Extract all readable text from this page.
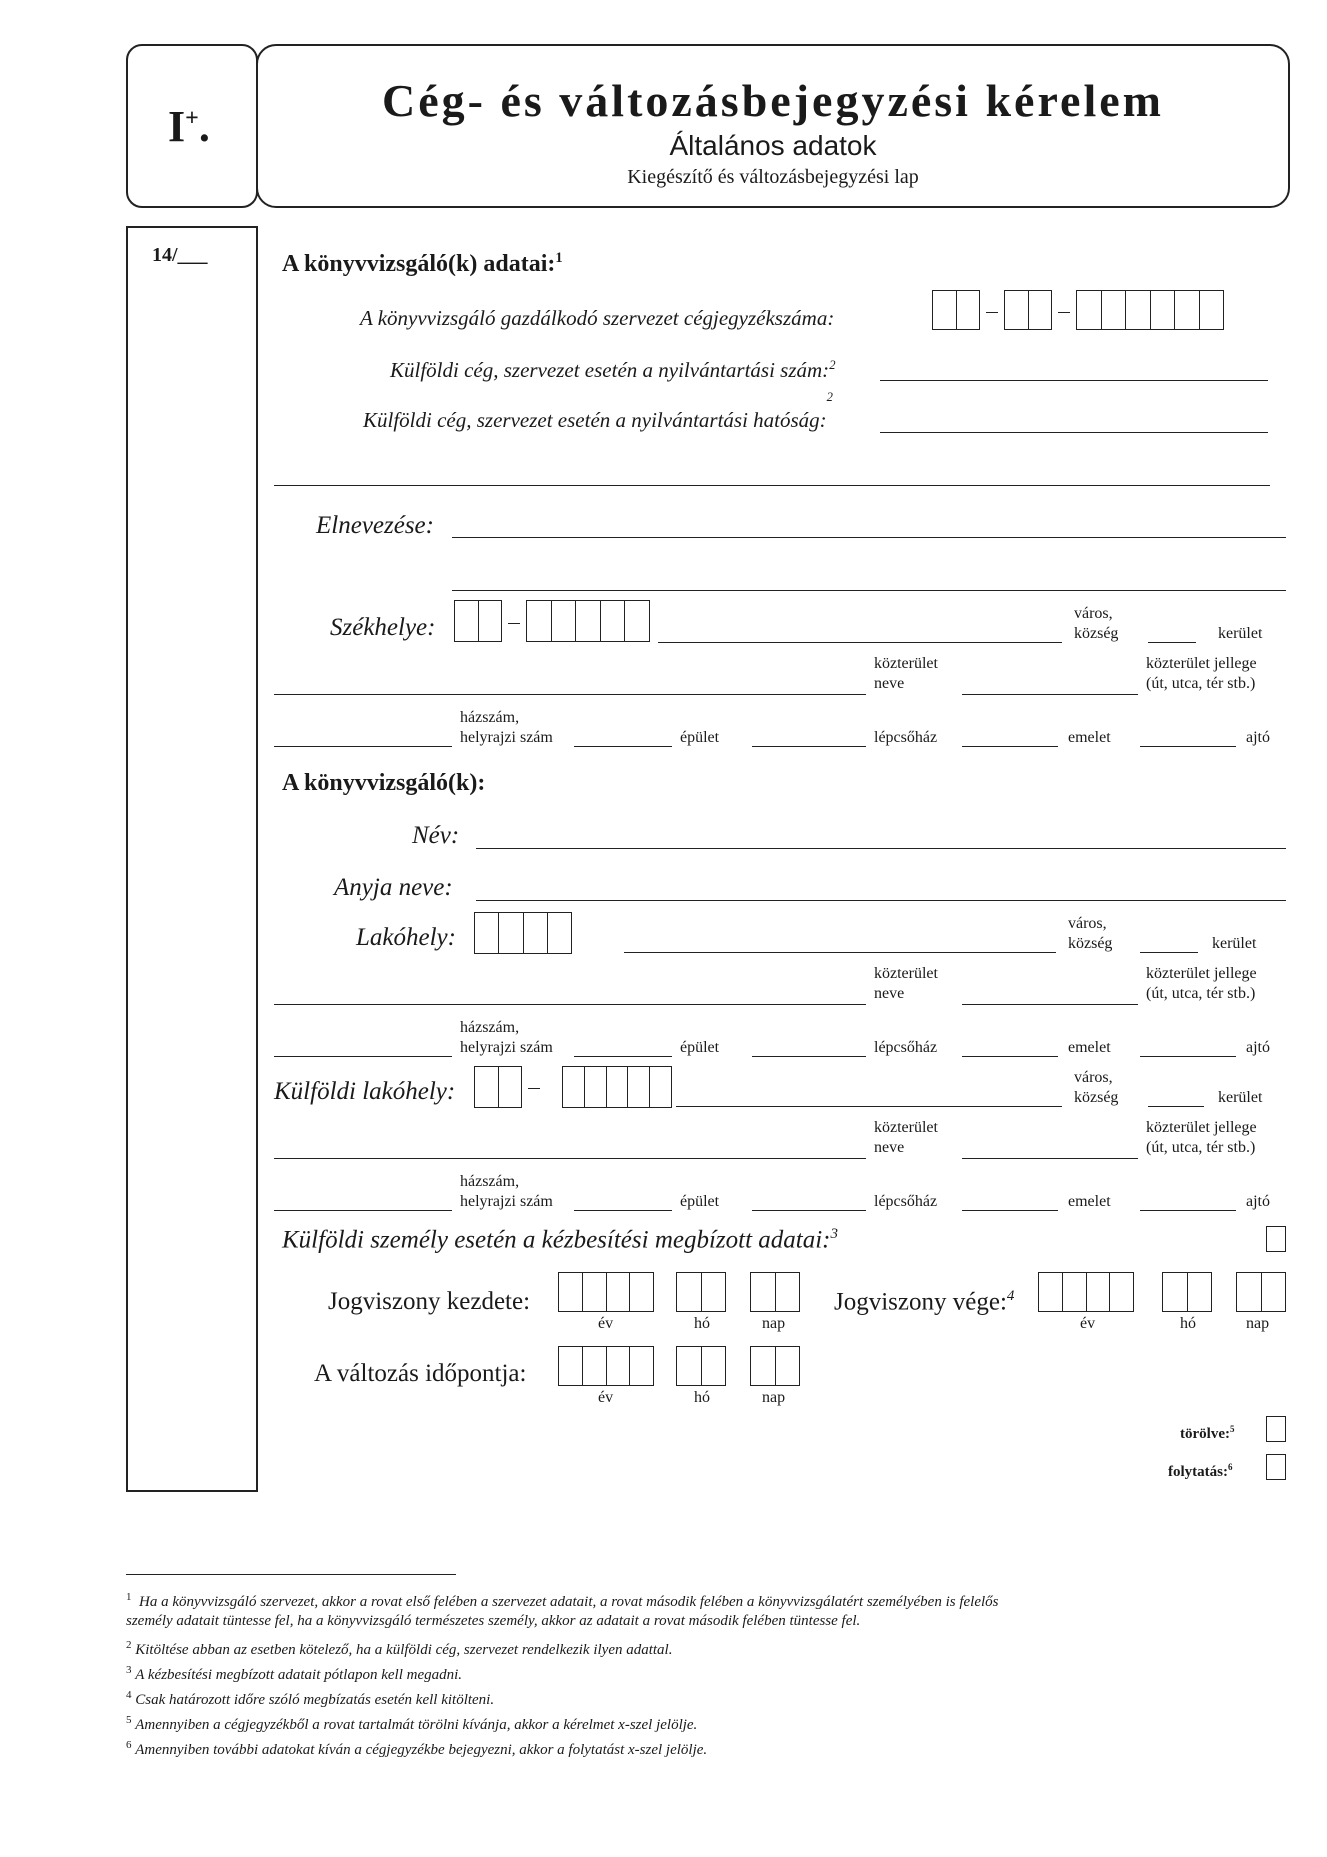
I+.
Cég- és változásbejegyzési kérelem
Általános adatok
Kiegészítő és változásbejegyzési lap
14/___	A könyvvizsgáló(k) adatai:$^1$
A könyvvizsgáló gazdálkodó szervezet cégjegyzékszáma:
Külföldi cég, szervezet esetén a nyilvántartási szám:$^2$
Külföldi cég, szervezet esetén a nyilvántartási hatóság:$^2$
Elnevezése:
Székhelye:
város,
község	kerület
közterület
neve
közterület jellege
(út, utca, tér stb.)
házszám,
helyrajzi szám	épület	lépcsőház	emelet	ajtó
A könyvvizsgáló(k):
Név:
Anyja neve:
Lakóhely:
város,
község	kerület
közterület
neve
közterület jellege
(út, utca, tér stb.)
házszám,
helyrajzi szám	épület	lépcsőház	emelet	ajtó
Külföldi lakóhely:
város,
község	kerület
közterület
neve
közterület jellege
(út, utca, tér stb.)
házszám,
helyrajzi szám	épület	lépcsőház	emelet	ajtó
Külföldi személy esetén a kézbesítési megbízott adatai:$^3$
Jogviszony kezdete:
év	hó	nap
Jogviszony vége:$^4$
év	hó	nap
A változás időpontja:
év	hó	nap
törölve:$^5$
folytatás:$^6$
$^1$ Ha a könyvvizsgáló szervezet, akkor a rovat első felében a szervezet adatait, a rovat második felében a könyvvizsgálatért személyében is felelős
személy adatait tüntesse fel, ha a könyvvizsgáló természetes személy, akkor az adatait a rovat második felében tüntesse fel.
$^2$ Kitöltése abban az esetben kötelező, ha a külföldi cég, szervezet rendelkezik ilyen adattal.
$^3$ A kézbesítési megbízott adatait pótlapon kell megadni.
$^4$ Csak határozott időre szóló megbízatás esetén kell kitölteni.
$^5$ Amennyiben a cégjegyzékből a rovat tartalmát törölni kívánja, akkor a kérelmet x-szel jelölje.
$^6$ Amennyiben további adatokat kíván a cégjegyzékbe bejegyezni, akkor a folytatást x-szel jelölje.
